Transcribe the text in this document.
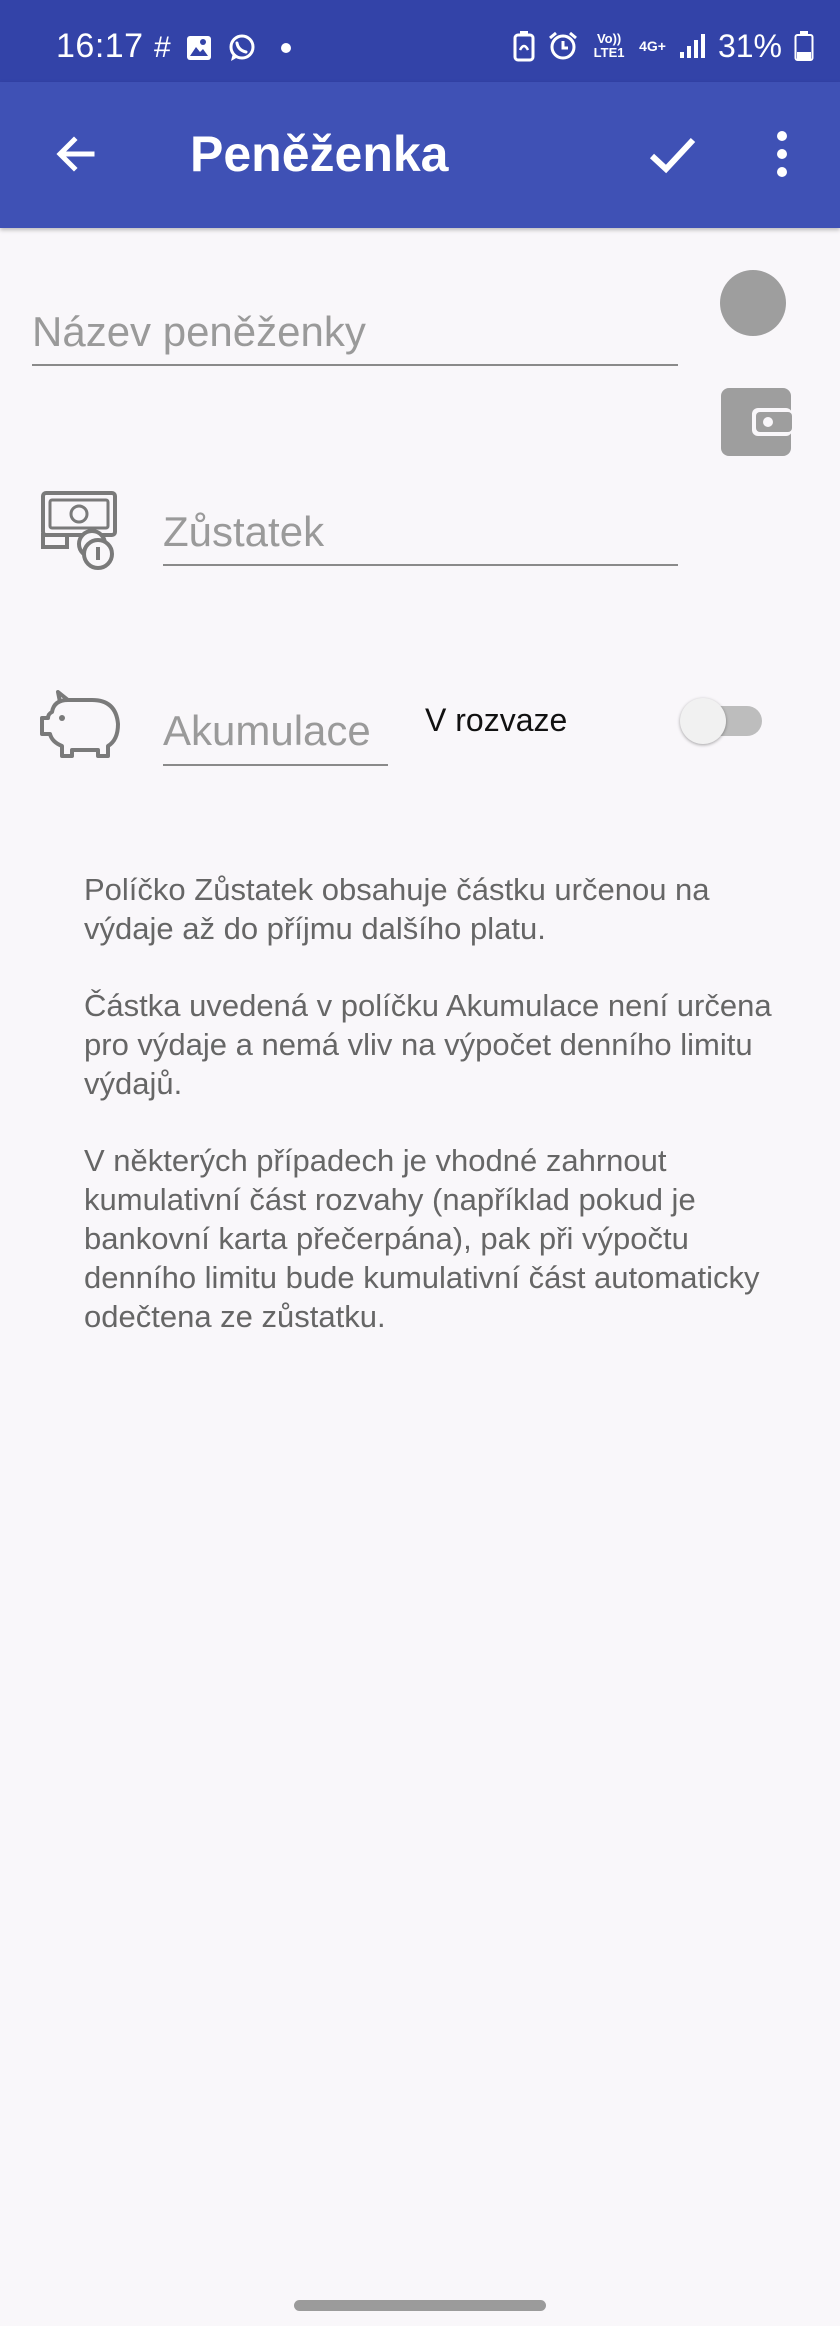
16:17 #	Vo)) LTE1 4G+ 31%
Peněženka
Název peněženky
Zůstatek
Akumulace
V rozvaze

Políčko Zůstatek obsahuje částku určenou na výdaje až do příjmu dalšího platu.

Částka uvedená v políčku Akumulace není určena pro výdaje a nemá vliv na výpočet denního limitu výdajů.

V některých případech je vhodné zahrnout kumulativní část rozvahy (například pokud je bankovní karta přečerpána), pak při výpočtu denního limitu bude kumulativní část automaticky odečtena ze zůstatku.
